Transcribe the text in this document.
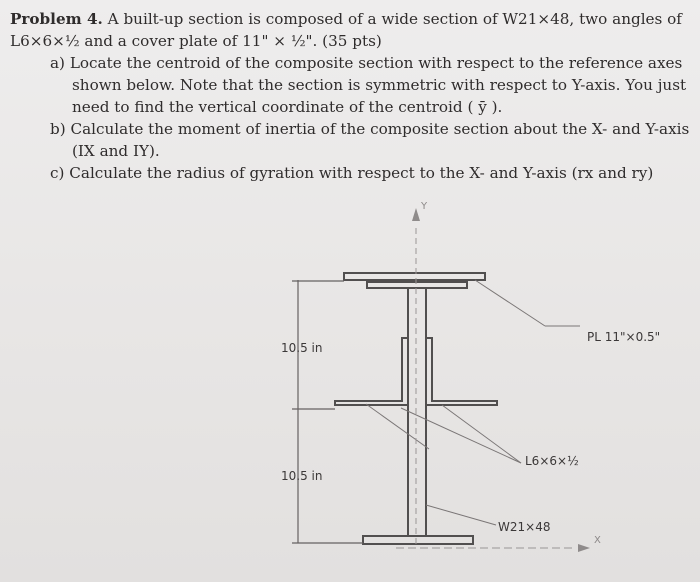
Problem 4. A built-up section is composed of a wide section of W21×48, two angles of
L6×6×½ and a cover plate of 11" × ½". (35 pts)
a) Locate the centroid of the composite section with respect to the reference axes
shown below. Note that the section is symmetric with respect to Y-axis. You just
need to find the vertical coordinate of the centroid ( ȳ ).
b) Calculate the moment of inertia of the composite section about the X- and Y-axis
(IX and IY).
c) Calculate the radius of gyration with respect to the X- and Y-axis (rx and ry)
Y
X
PL 11"×0.5"
10.5 in
10.5 in
L6×6×½
W21×48
